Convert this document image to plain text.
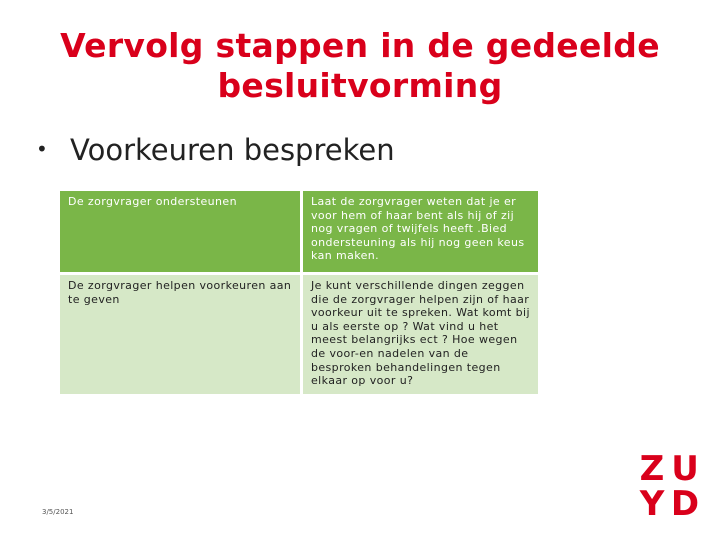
Vervolg stappen in de gedeelde
besluitvorming
• Voorkeuren bespreken
De zorgvrager ondersteunen	Laat de zorgvrager weten dat je er voor hem of haar bent als hij of zij nog vragen of twijfels heeft .Bied ondersteuning als hij nog geen keus kan maken.
De zorgvrager helpen voorkeuren aan te geven	Je kunt verschillende dingen zeggen die de zorgvrager helpen zijn of haar voorkeur uit te spreken. Wat komt bij u als eerste op ? Wat vind u het meest belangrijks ect ? Hoe wegen de voor-en nadelen van de besproken behandelingen tegen elkaar op voor u?
3/5/2021
Z U
Y D
